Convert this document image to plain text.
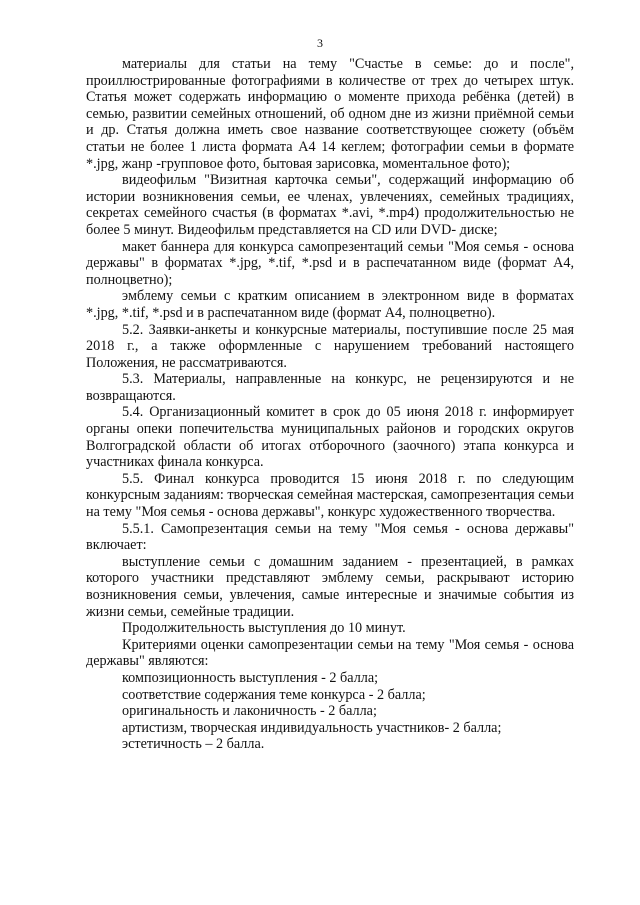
3

материалы для статьи на тему "Счастье в семье: до и после", проиллюстрированные фотографиями в количестве от трех до четырех штук. Статья может содержать информацию о моменте прихода ребёнка (детей) в семью, развитии семейных отношений, об одном дне из жизни приёмной семьи и др. Статья должна иметь свое название соответствующее сюжету (объём статьи не более 1 листа формата А4 14 кеглем; фотографии семьи в формате *.jpg, жанр -групповое фото, бытовая зарисовка, моментальное фото);

видеофильм "Визитная карточка семьи", содержащий информацию об истории возникновения семьи, ее членах, увлечениях, семейных традициях, секретах семейного счастья (в форматах *.avi, *.mp4) продолжительностью не более 5 минут. Видеофильм представляется на CD или DVD- диске;

макет баннера для конкурса самопрезентаций семьи "Моя семья - основа державы" в форматах *.jpg, *.tif, *.psd и в распечатанном виде (формат А4, полноцветно);

эмблему семьи с кратким описанием в электронном виде в форматах *.jpg, *.tif, *.psd и в распечатанном виде (формат А4, полноцветно).

5.2. Заявки-анкеты и конкурсные материалы, поступившие после 25 мая 2018 г., а также оформленные с нарушением требований настоящего Положения, не рассматриваются.

5.3. Материалы, направленные на конкурс, не рецензируются и не возвращаются.

5.4. Организационный комитет в срок до 05 июня 2018 г. информирует органы опеки попечительства муниципальных районов и городских округов Волгоградской области об итогах отборочного (заочного) этапа конкурса и участниках финала конкурса.

5.5. Финал конкурса проводится 15 июня 2018 г. по следующим конкурсным заданиям: творческая семейная мастерская, самопрезентация семьи на тему "Моя семья - основа державы", конкурс художественного творчества.

5.5.1. Самопрезентация семьи на тему "Моя семья - основа державы" включает:

выступление семьи с домашним заданием - презентацией, в рамках которого участники представляют эмблему семьи, раскрывают историю возникновения семьи, увлечения, самые интересные и значимые события из жизни семьи, семейные традиции.

Продолжительность выступления до 10 минут.

Критериями оценки самопрезентации семьи на тему "Моя семья - основа державы" являются:

композиционность выступления - 2 балла;

соответствие содержания теме конкурса - 2 балла;

оригинальность и лаконичность - 2 балла;

артистизм, творческая индивидуальность участников- 2 балла;

эстетичность – 2 балла.
